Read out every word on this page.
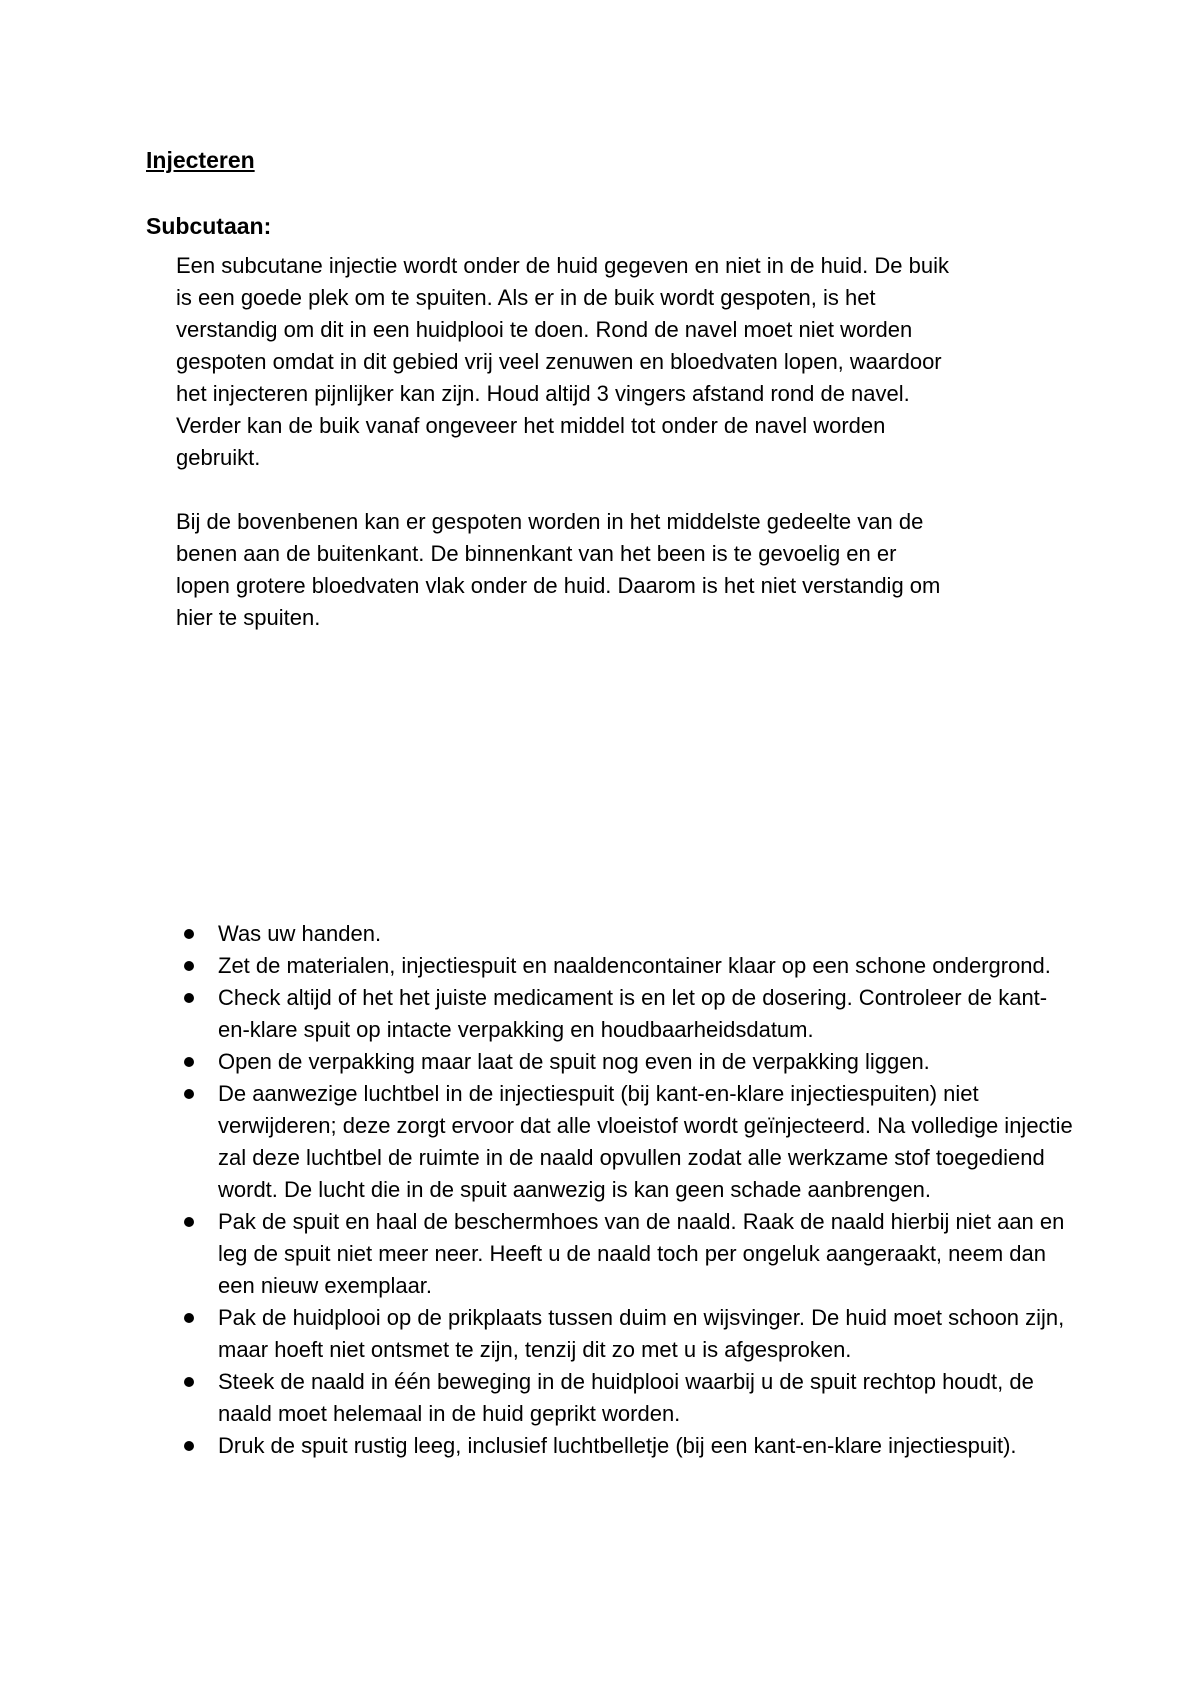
Injecteren
Subcutaan:

Een subcutane injectie wordt onder de huid gegeven en niet in de huid. De buik is een goede plek om te spuiten. Als er in de buik wordt gespoten, is het verstandig om dit in een huidplooi te doen. Rond de navel moet niet worden gespoten omdat in dit gebied vrij veel zenuwen en bloedvaten lopen, waardoor het injecteren pijnlijker kan zijn. Houd altijd 3 vingers afstand rond de navel. Verder kan de buik vanaf ongeveer het middel tot onder de navel worden gebruikt.

Bij de bovenbenen kan er gespoten worden in het middelste gedeelte van de benen aan de buitenkant. De binnenkant van het been is te gevoelig en er lopen grotere bloedvaten vlak onder de huid. Daarom is het niet verstandig om hier te spuiten.

Was uw handen.
Zet de materialen, injectiespuit en naaldencontainer klaar op een schone ondergrond.
Check altijd of het het juiste medicament is en let op de dosering. Controleer de kant-en-klare spuit op intacte verpakking en houdbaarheidsdatum.
Open de verpakking maar laat de spuit nog even in de verpakking liggen.
De aanwezige luchtbel in de injectiespuit (bij kant-en-klare injectiespuiten) niet verwijderen; deze zorgt ervoor dat alle vloeistof wordt geïnjecteerd. Na volledige injectie zal deze luchtbel de ruimte in de naald opvullen zodat alle werkzame stof toegediend wordt. De lucht die in de spuit aanwezig is kan geen schade aanbrengen.
Pak de spuit en haal de beschermhoes van de naald. Raak de naald hierbij niet aan en leg de spuit niet meer neer. Heeft u de naald toch per ongeluk aangeraakt, neem dan een nieuw exemplaar.
Pak de huidplooi op de prikplaats tussen duim en wijsvinger. De huid moet schoon zijn, maar hoeft niet ontsmet te zijn, tenzij dit zo met u is afgesproken.
Steek de naald in één beweging in de huidplooi waarbij u de spuit rechtop houdt, de naald moet helemaal in de huid geprikt worden.
Druk de spuit rustig leeg, inclusief luchtbelletje (bij een kant-en-klare injectiespuit).
